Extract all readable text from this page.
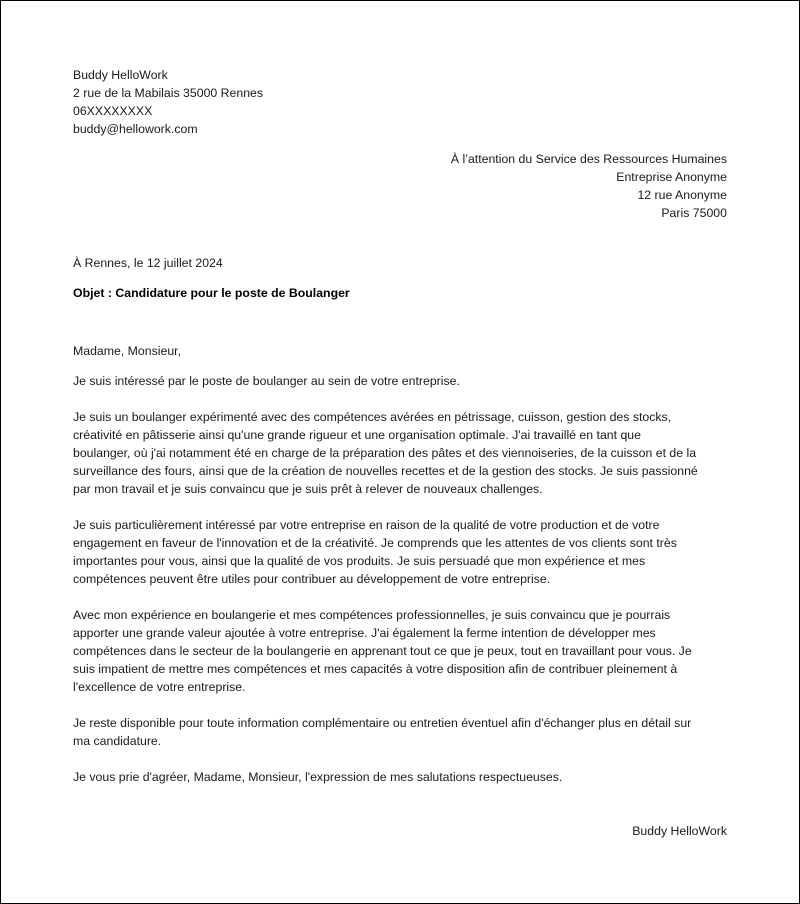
Buddy HelloWork
2 rue de la Mabilais 35000 Rennes
06XXXXXXXX
buddy@hellowork.com
À l’attention du Service des Ressources Humaines
Entreprise Anonyme
12 rue Anonyme
Paris 75000
À Rennes, le 12 juillet 2024
Objet : Candidature pour le poste de Boulanger
Madame, Monsieur,
Je suis intéressé par le poste de boulanger au sein de votre entreprise.
Je suis un boulanger expérimenté avec des compétences avérées en pétrissage, cuisson, gestion des stocks,
créativité en pâtisserie ainsi qu'une grande rigueur et une organisation optimale. J'ai travaillé en tant que
boulanger, où j'ai notamment été en charge de la préparation des pâtes et des viennoiseries, de la cuisson et de la
surveillance des fours, ainsi que de la création de nouvelles recettes et de la gestion des stocks. Je suis passionné
par mon travail et je suis convaincu que je suis prêt à relever de nouveaux challenges.
Je suis particulièrement intéressé par votre entreprise en raison de la qualité de votre production et de votre
engagement en faveur de l'innovation et de la créativité. Je comprends que les attentes de vos clients sont très
importantes pour vous, ainsi que la qualité de vos produits. Je suis persuadé que mon expérience et mes
compétences peuvent être utiles pour contribuer au développement de votre entreprise.
Avec mon expérience en boulangerie et mes compétences professionnelles, je suis convaincu que je pourrais
apporter une grande valeur ajoutée à votre entreprise. J'ai également la ferme intention de développer mes
compétences dans le secteur de la boulangerie en apprenant tout ce que je peux, tout en travaillant pour vous. Je
suis impatient de mettre mes compétences et mes capacités à votre disposition afin de contribuer pleinement à
l'excellence de votre entreprise.
Je reste disponible pour toute information complémentaire ou entretien éventuel afin d'échanger plus en détail sur
ma candidature.
Je vous prie d'agréer, Madame, Monsieur, l'expression de mes salutations respectueuses.
Buddy HelloWork
